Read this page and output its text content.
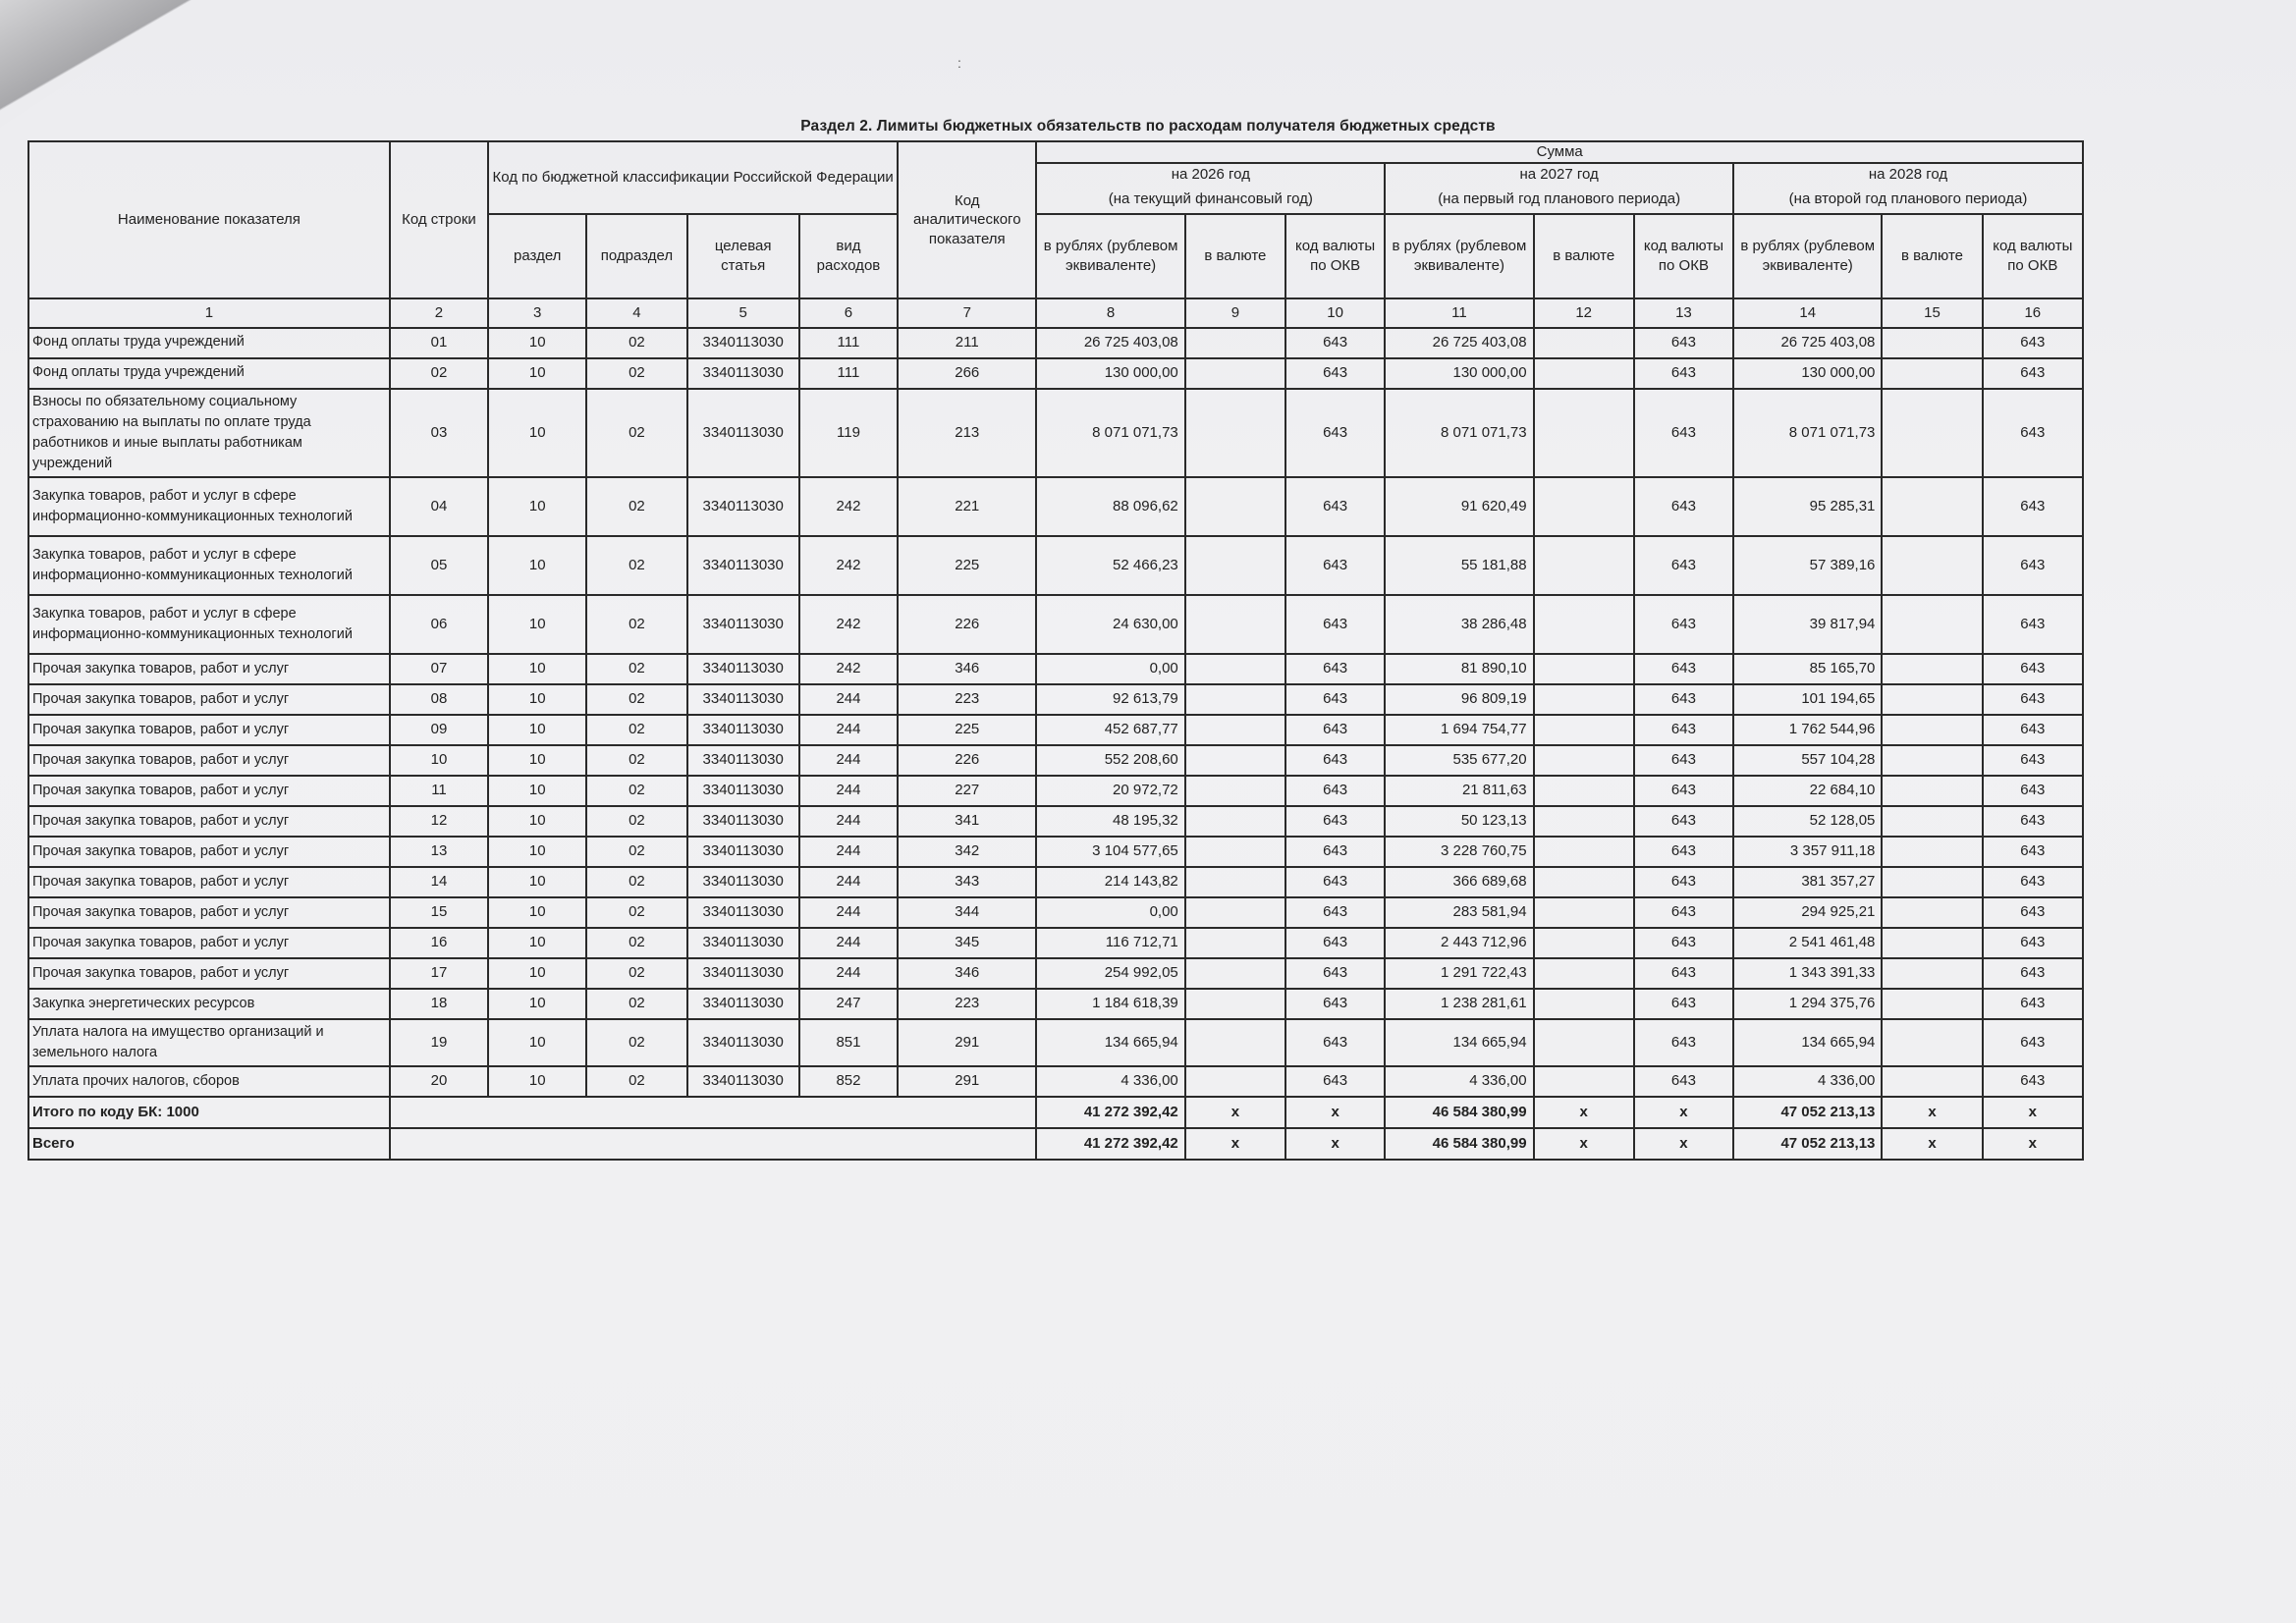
:
Раздел 2. Лимиты бюджетных обязательств по расходам получателя бюджетных средств
Наименование показателя	Код строки	Код по бюджетной классификации Российской Федерации				Код аналитического показателя	Сумма								
							на 2026 год			на 2027 год			на 2028 год		
							(на текущий финансовый год)			(на первый год планового периода)			(на второй год планового периода)		
		раздел	подраздел	целевая статья	вид расходов		в рублях (рублевом эквиваленте)	в валюте	код валюты по ОКВ	в рублях (рублевом эквиваленте)	в валюте	код валюты по ОКВ	в рублях (рублевом эквиваленте)	в валюте	код валюты по ОКВ
1	2	3	4	5	6	7	8	9	10	11	12	13	14	15	16
Фонд оплаты труда учреждений	01	10	02	3340113030	111	211	26 725 403,08		643	26 725 403,08		643	26 725 403,08		643
Фонд оплаты труда учреждений	02	10	02	3340113030	111	266	130 000,00		643	130 000,00		643	130 000,00		643
Взносы по обязательному социальному страхованию на выплаты по оплате труда работников и иные выплаты работникам учреждений	03	10	02	3340113030	119	213	8 071 071,73		643	8 071 071,73		643	8 071 071,73		643
Закупка товаров, работ и услуг в сфере информационно-коммуникационных технологий	04	10	02	3340113030	242	221	88 096,62		643	91 620,49		643	95 285,31		643
Закупка товаров, работ и услуг в сфере информационно-коммуникационных технологий	05	10	02	3340113030	242	225	52 466,23		643	55 181,88		643	57 389,16		643
Закупка товаров, работ и услуг в сфере информационно-коммуникационных технологий	06	10	02	3340113030	242	226	24 630,00		643	38 286,48		643	39 817,94		643
Прочая закупка товаров, работ и услуг	07	10	02	3340113030	242	346	0,00		643	81 890,10		643	85 165,70		643
Прочая закупка товаров, работ и услуг	08	10	02	3340113030	244	223	92 613,79		643	96 809,19		643	101 194,65		643
Прочая закупка товаров, работ и услуг	09	10	02	3340113030	244	225	452 687,77		643	1 694 754,77		643	1 762 544,96		643
Прочая закупка товаров, работ и услуг	10	10	02	3340113030	244	226	552 208,60		643	535 677,20		643	557 104,28		643
Прочая закупка товаров, работ и услуг	11	10	02	3340113030	244	227	20 972,72		643	21 811,63		643	22 684,10		643
Прочая закупка товаров, работ и услуг	12	10	02	3340113030	244	341	48 195,32		643	50 123,13		643	52 128,05		643
Прочая закупка товаров, работ и услуг	13	10	02	3340113030	244	342	3 104 577,65		643	3 228 760,75		643	3 357 911,18		643
Прочая закупка товаров, работ и услуг	14	10	02	3340113030	244	343	214 143,82		643	366 689,68		643	381 357,27		643
Прочая закупка товаров, работ и услуг	15	10	02	3340113030	244	344	0,00		643	283 581,94		643	294 925,21		643
Прочая закупка товаров, работ и услуг	16	10	02	3340113030	244	345	116 712,71		643	2 443 712,96		643	2 541 461,48		643
Прочая закупка товаров, работ и услуг	17	10	02	3340113030	244	346	254 992,05		643	1 291 722,43		643	1 343 391,33		643
Закупка энергетических ресурсов	18	10	02	3340113030	247	223	1 184 618,39		643	1 238 281,61		643	1 294 375,76		643
Уплата налога на имущество организаций и земельного налога	19	10	02	3340113030	851	291	134 665,94		643	134 665,94		643	134 665,94		643
Уплата прочих налогов, сборов	20	10	02	3340113030	852	291	4 336,00		643	4 336,00		643	4 336,00		643
Итого по коду БК: 1000							41 272 392,42	x	x	46 584 380,99	x	x	47 052 213,13	x	x
Всего							41 272 392,42	x	x	46 584 380,99	x	x	47 052 213,13	x	x
